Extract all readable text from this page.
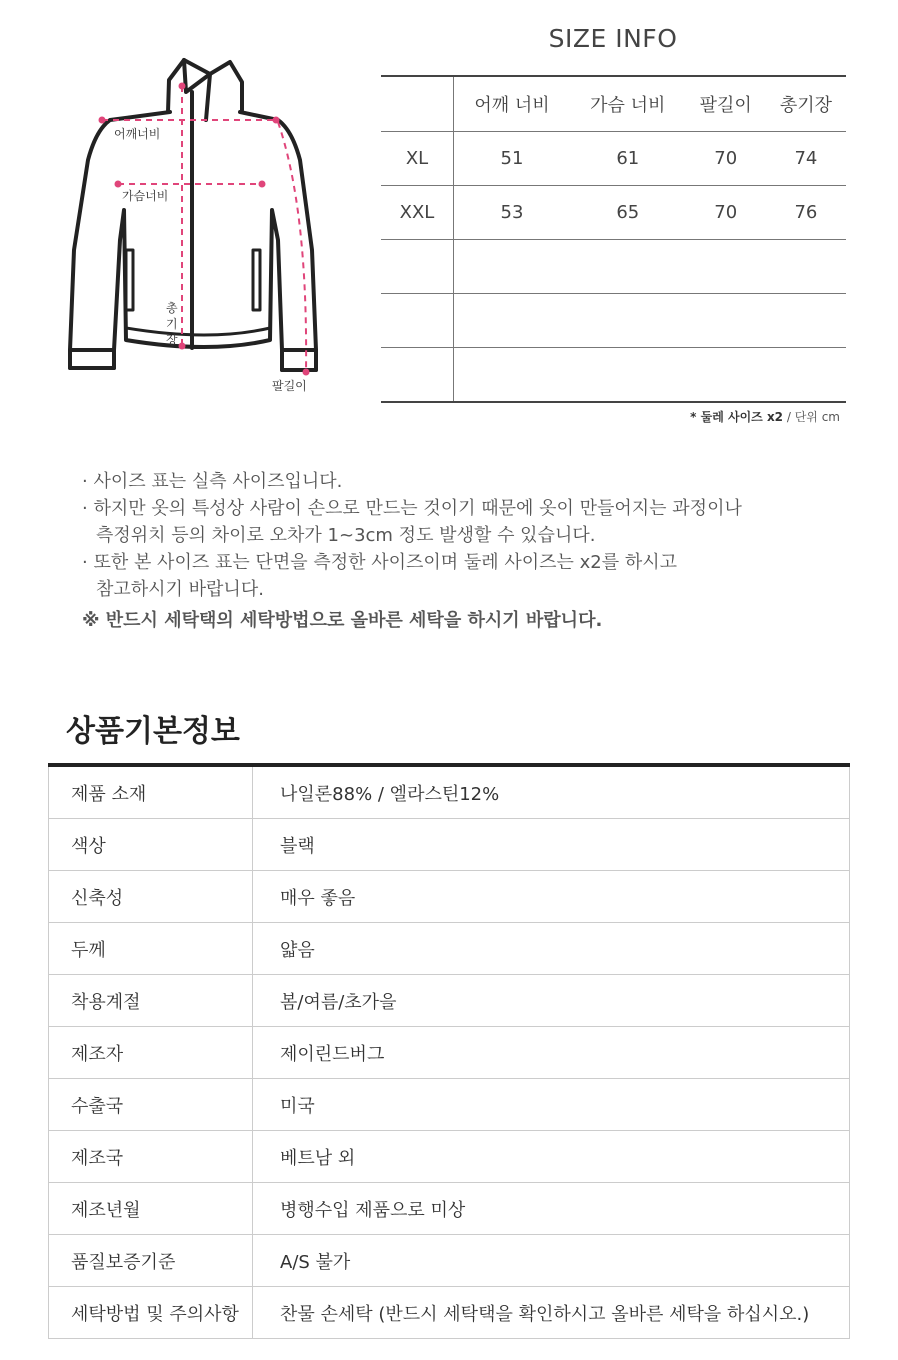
어깨너비
가슴너비
총
기
장
팔길이
SIZE INFO
	어깨 너비	가슴 너비	팔길이	총기장
XL	51	61	70	74
XXL	53	65	70	76

* 둘레 사이즈 x2 / 단위 cm
· 사이즈 표는 실측 사이즈입니다.
· 하지만 옷의 특성상 사람이 손으로 만드는 것이기 때문에 옷이 만들어지는 과정이나
측정위치 등의 차이로 오차가 1~3cm 정도 발생할 수 있습니다.
· 또한 본 사이즈 표는 단면을 측정한 사이즈이며 둘레 사이즈는 x2를 하시고
참고하시기 바랍니다.
※ 반드시 세탁택의 세탁방법으로 올바른 세탁을 하시기 바랍니다.
상품기본정보
제품 소재	나일론88% / 엘라스틴12%
색상	블랙
신축성	매우 좋음
두께	얇음
착용계절	봄/여름/초가을
제조자	제이린드버그
수출국	미국
제조국	베트남 외
제조년월	병행수입 제품으로 미상
품질보증기준	A/S 불가
세탁방법 및 주의사항	찬물 손세탁 (반드시 세탁택을 확인하시고 올바른 세탁을 하십시오.)
